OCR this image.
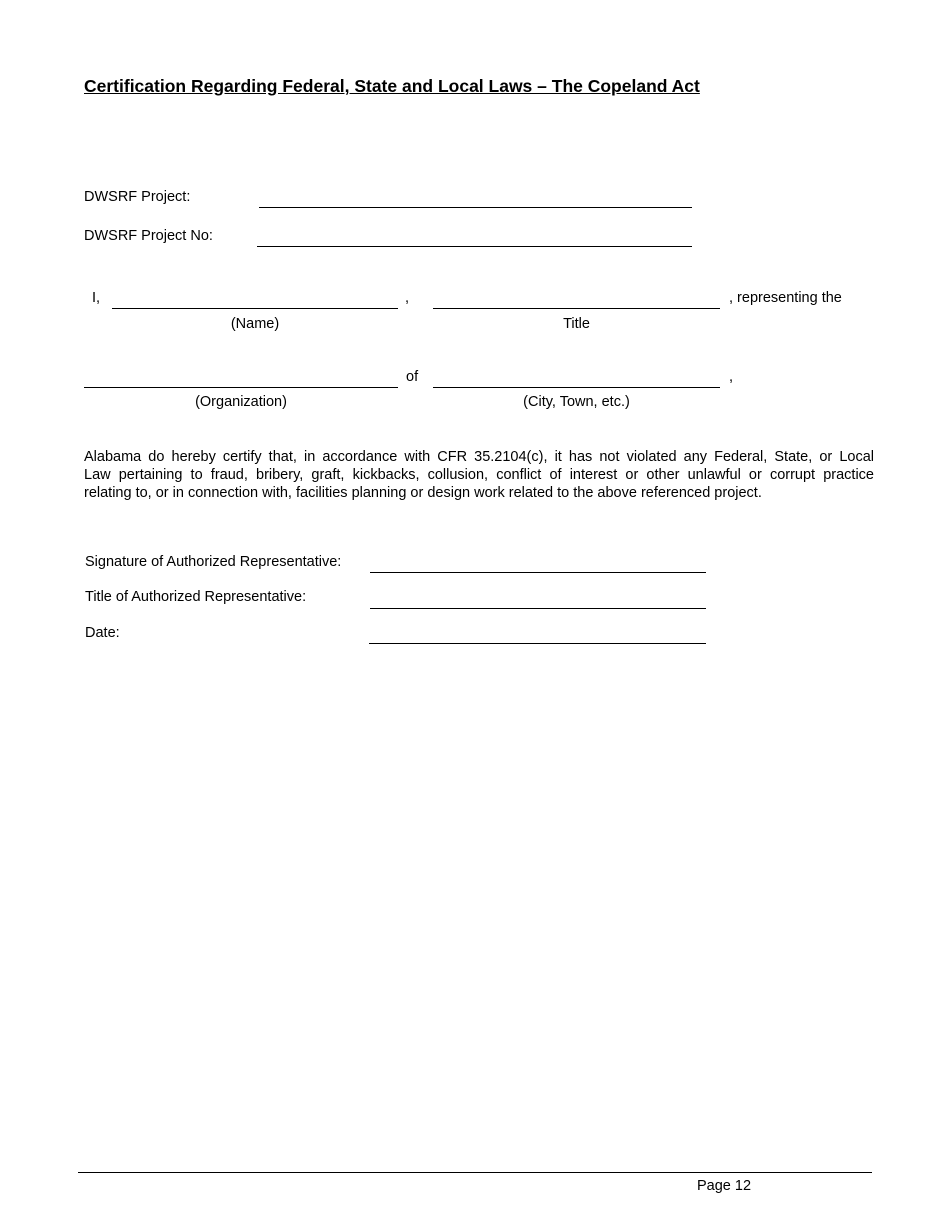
Certification Regarding Federal, State and Local Laws – The Copeland Act
DWSRF Project:
DWSRF Project No:
I,	,	, representing the
(Name)	Title
of	,
(Organization)	(City, Town, etc.)
Alabama do hereby certify that, in accordance with CFR 35.2104(c), it has not violated any Federal, State, or Local
Law pertaining to fraud, bribery, graft, kickbacks, collusion, conflict of interest or other unlawful or corrupt practice
relating to, or in connection with, facilities planning or design work related to the above referenced project.
Signature of Authorized Representative:
Title of Authorized Representative:
Date:
Page 12
